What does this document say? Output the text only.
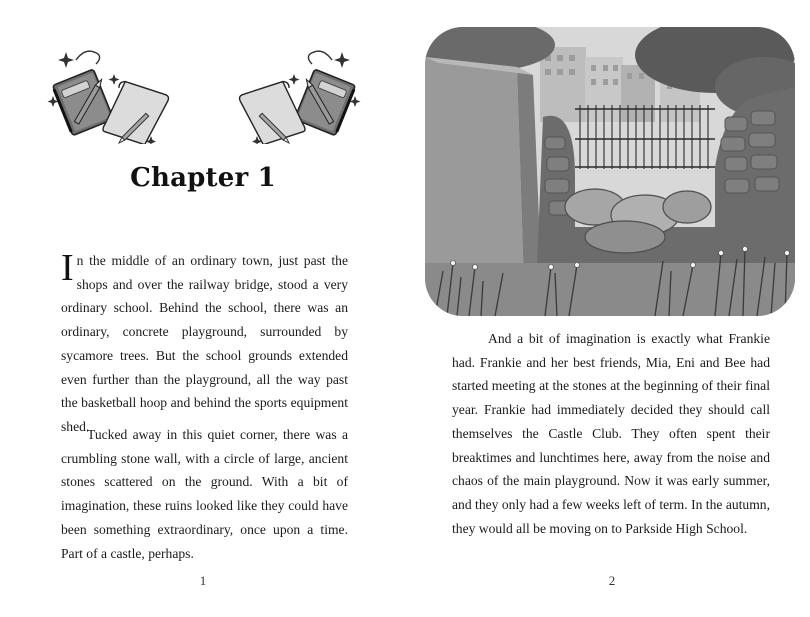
Chapter 1

In the middle of an ordinary town, just past the shops and over the railway bridge, stood a very ordinary school. Behind the school, there was an ordinary, concrete playground, surrounded by sycamore trees. But the school grounds extended even further than the playground, all the way past the basketball hoop and behind the sports equipment shed.

Tucked away in this quiet corner, there was a crumbling stone wall, with a circle of large, ancient stones scattered on the ground. With a bit of imagination, these ruins looked like they could have been something extraordinary, once upon a time. Part of a castle, perhaps.

1

And a bit of imagination is exactly what Frankie had. Frankie and her best friends, Mia, Eni and Bee had started meeting at the stones at the beginning of their final year. Frankie had immediately decided they should call themselves the Castle Club. They often spent their breaktimes and lunchtimes here, away from the noise and chaos of the main playground. Now it was early summer, and they only had a few weeks left of term. In the autumn, they would all be moving on to Parkside High School.

2
